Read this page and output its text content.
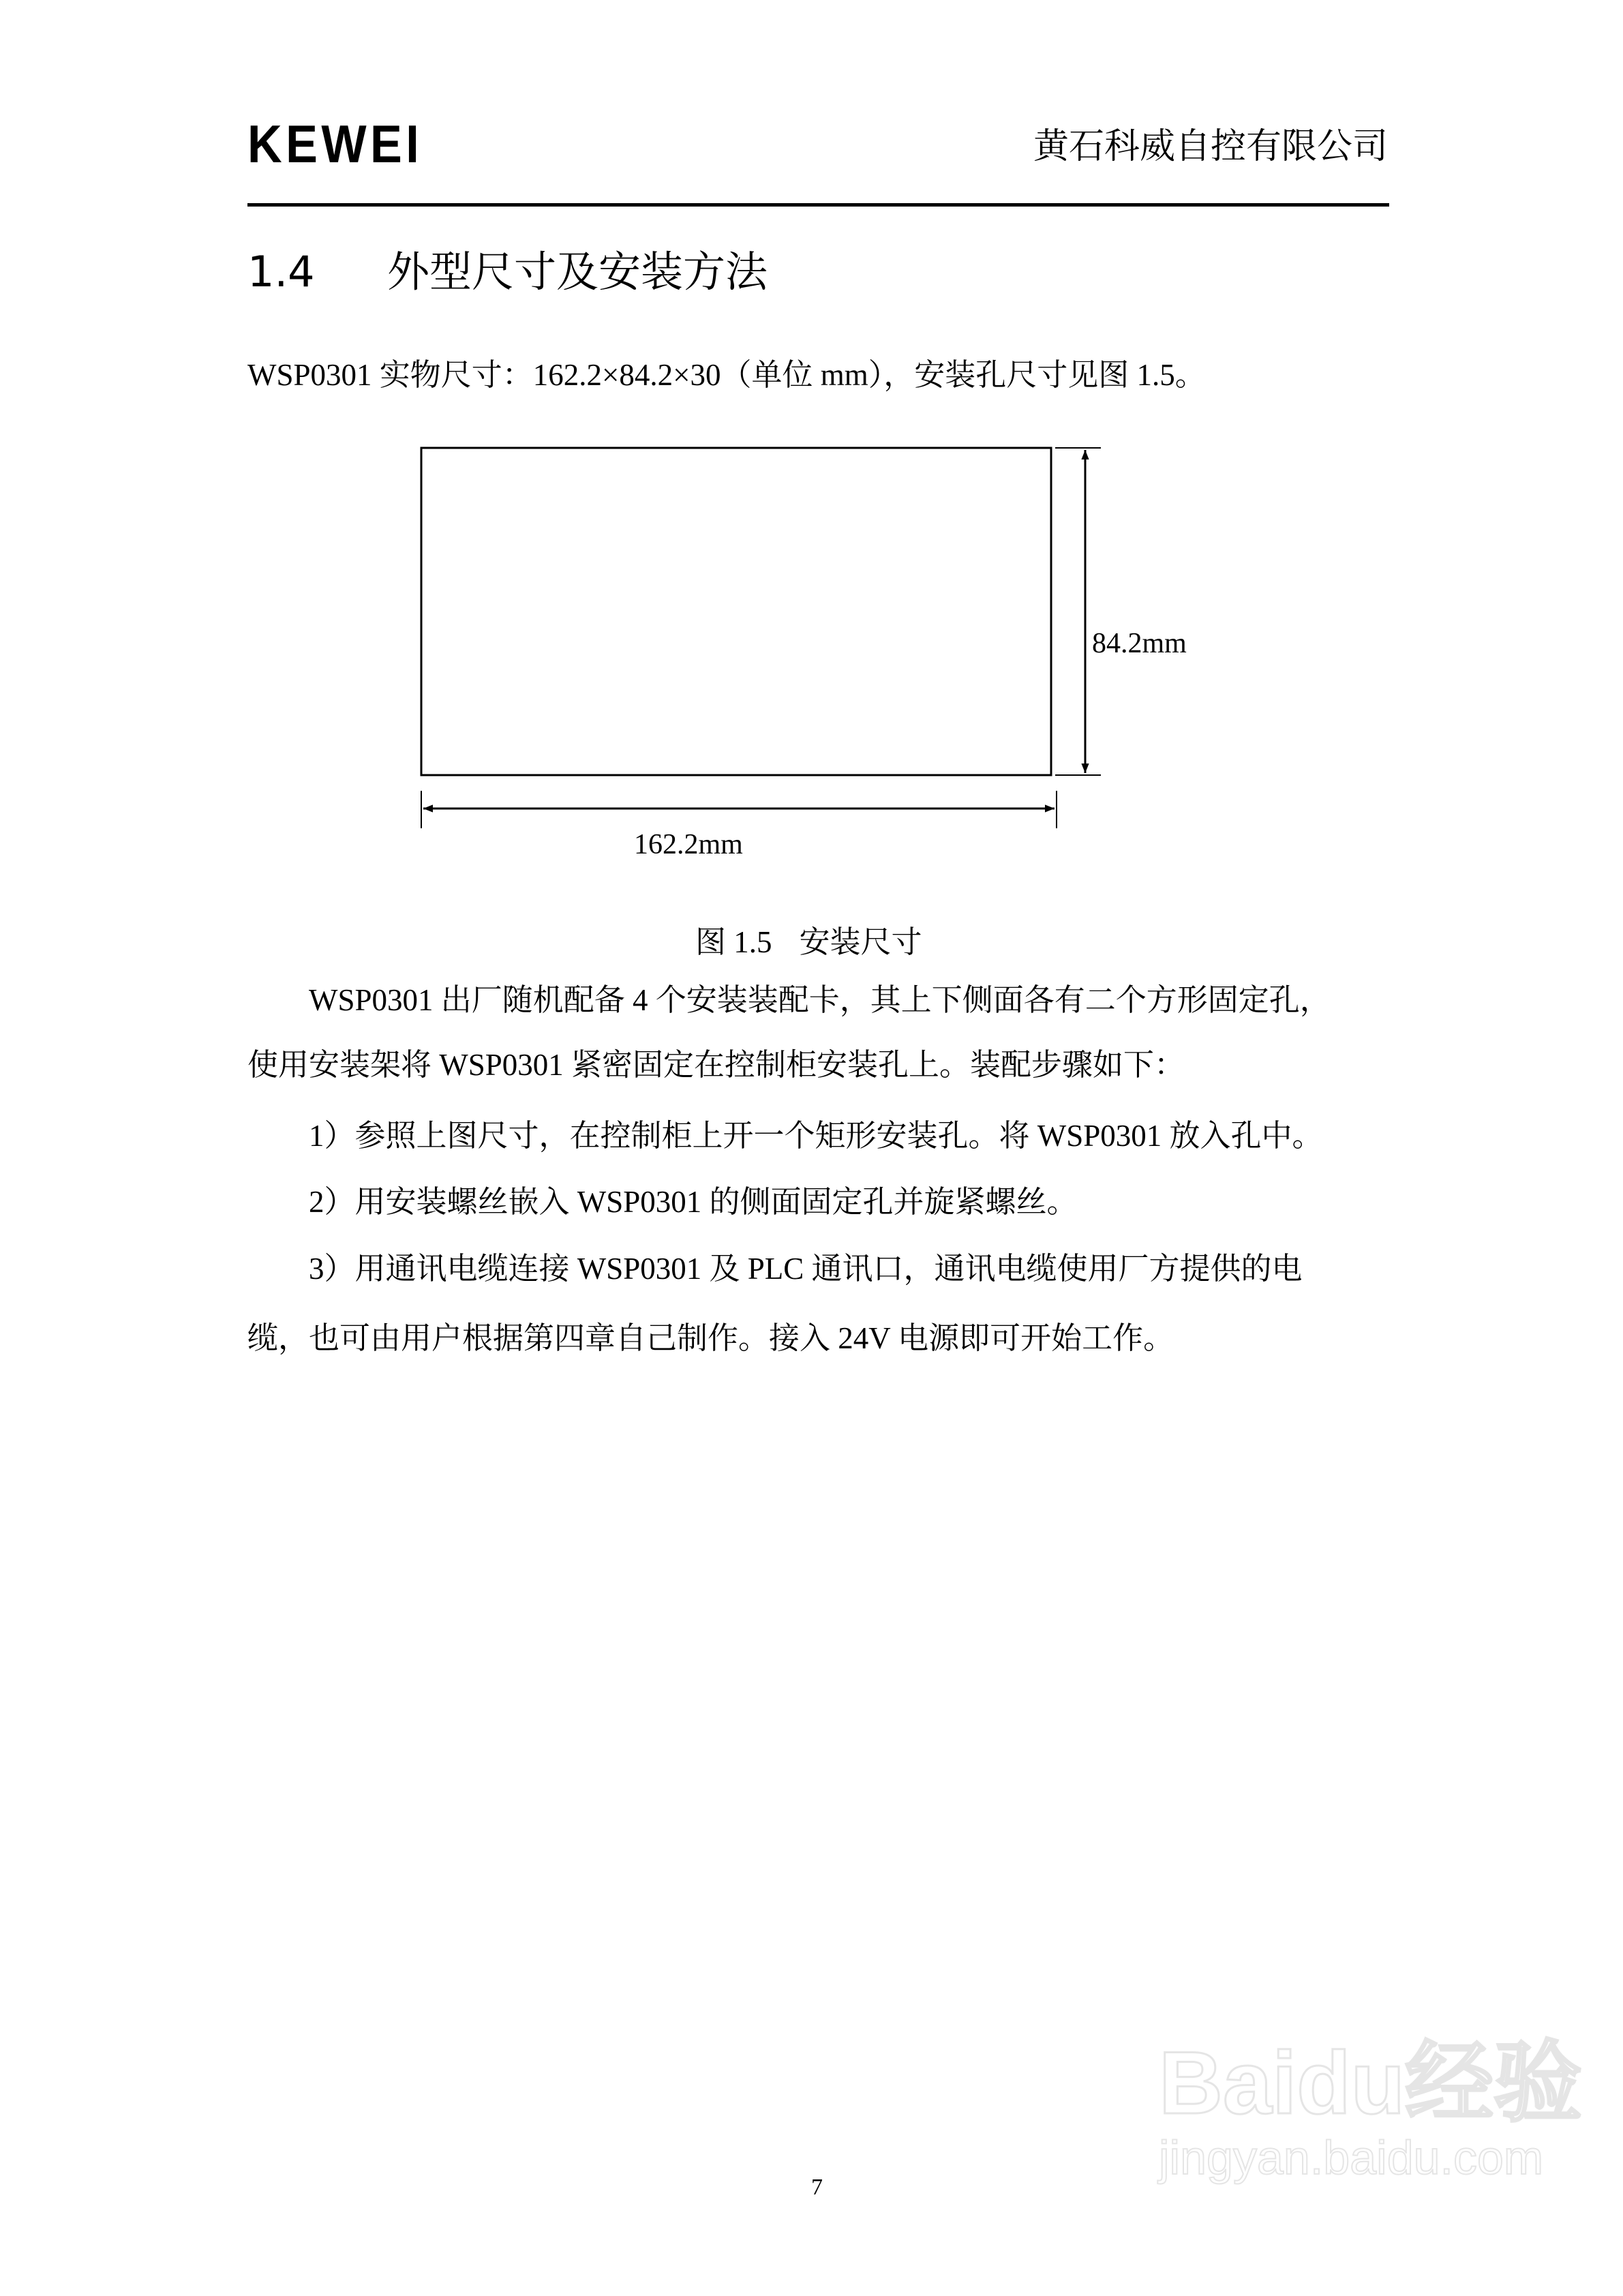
KEWEI	黄石科威自控有限公司
1.4 外型尺寸及安装方法
WSP0301 实物尺寸：162.2×84.2×30（单位 mm），安装孔尺寸见图 1.5。
84.2mm
162.2mm
图 1.5 安装尺寸
WSP0301 出厂随机配备 4 个安装装配卡，其上下侧面各有二个方形固定孔，
使用安装架将 WSP0301 紧密固定在控制柜安装孔上。装配步骤如下：
1）参照上图尺寸，在控制柜上开一个矩形安装孔。将 WSP0301 放入孔中。
2）用安装螺丝嵌入 WSP0301 的侧面固定孔并旋紧螺丝。
3）用通讯电缆连接 WSP0301 及 PLC 通讯口，通讯电缆使用厂方提供的电
缆，也可由用户根据第四章自己制作。接入 24V 电源即可开始工作。
7
Baidu经验
jingyan.baidu.com
